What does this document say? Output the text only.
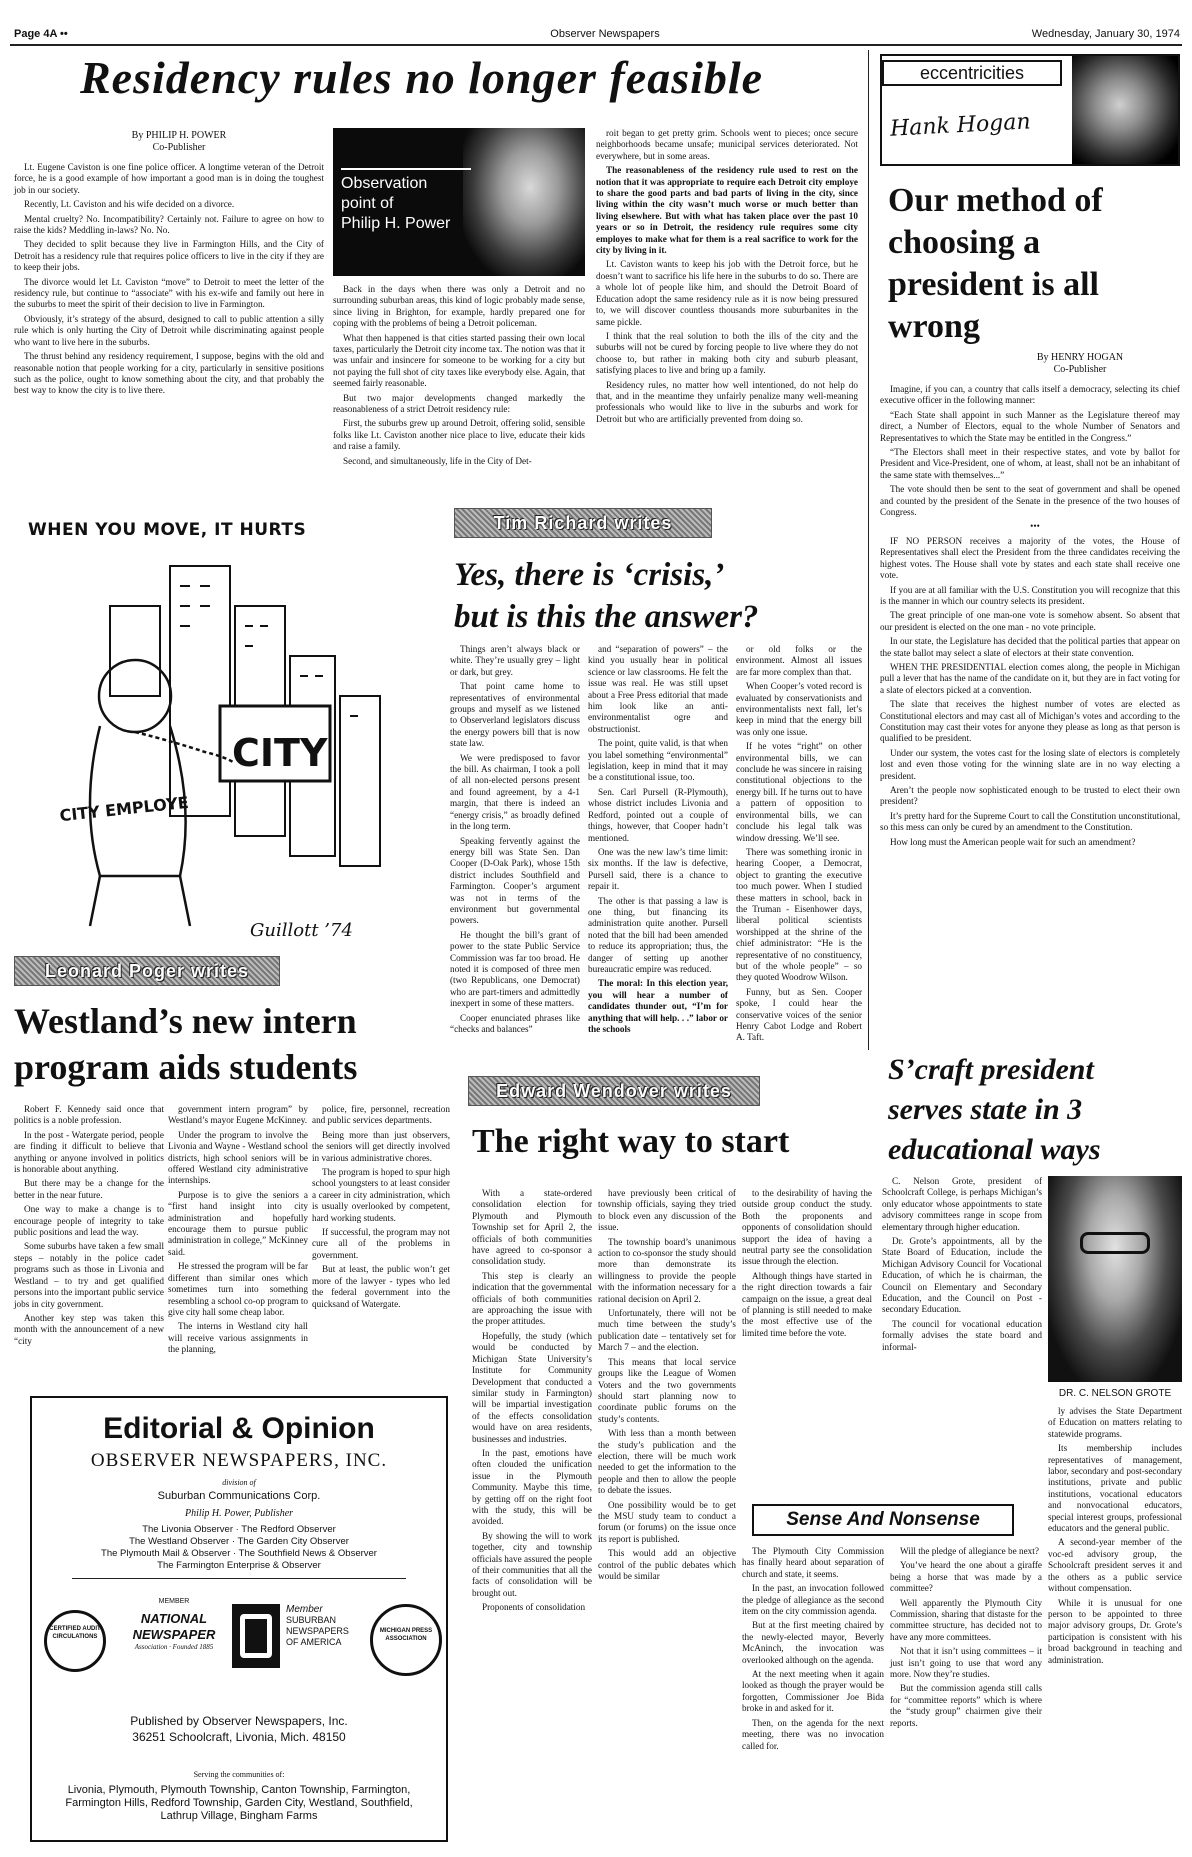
Page 4A ••	Observer Newspapers	Wednesday, January 30, 1974
Residency rules no longer feasible
By PHILIP H. POWER
Co-Publisher

Lt. Eugene Caviston is one fine police officer. A longtime veteran of the Detroit force, he is a good example of how important a good man is in doing the toughest job in our society.

Recently, Lt. Caviston and his wife decided on a divorce.

Mental cruelty? No. Incompatibility? Certainly not. Failure to agree on how to raise the kids? Meddling in-laws? No. No.

They decided to split because they live in Farmington Hills, and the City of Detroit has a residency rule that requires police officers to live in the city if they are to keep their jobs.

The divorce would let Lt. Caviston “move” to Detroit to meet the letter of the residency rule, but continue to “associate” with his ex-wife and family out here in the suburbs to meet the spirit of their decision to live in Farmington.

Obviously, it’s strategy of the absurd, designed to call to public attention a silly rule which is only hurting the City of Detroit while discriminating against people who want to live here in the suburbs.

The thrust behind any residency requirement, I suppose, begins with the old and reasonable notion that people working for a city, particularly in sensitive positions such as the police, ought to know something about the city, and that probably the best way to know the city is to live there.

Observation
point of
Philip H. Power

Back in the days when there was only a Detroit and no surrounding suburban areas, this kind of logic probably made sense, since living in Brighton, for example, hardly prepared one for coping with the problems of being a Detroit policeman.

What then happened is that cities started passing their own local taxes, particularly the Detroit city income tax. The notion was that it was unfair and insincere for someone to be working for a city but not paying the full shot of city taxes like everybody else. Again, that seemed fairly reasonable.

But two major developments changed markedly the reasonableness of a strict Detroit residency rule:

First, the suburbs grew up around Detroit, offering solid, sensible folks like Lt. Caviston another nice place to live, educate their kids and raise a family.

Second, and simultaneously, life in the City of Det-

roit began to get pretty grim. Schools went to pieces; once secure neighborhoods became unsafe; municipal services deteriorated. Not everywhere, but in some areas.

The reasonableness of the residency rule used to rest on the notion that it was appropriate to require each Detroit city employe to share the good parts and bad parts of living in the city, since living within the city wasn’t much worse or much better than living elsewhere. But with what has taken place over the past 10 years or so in Detroit, the residency rule requires some city employes to make what for them is a real sacrifice to work for the city by living in it.

Lt. Caviston wants to keep his job with the Detroit force, but he doesn’t want to sacrifice his life here in the suburbs to do so. There are a whole lot of people like him, and should the Detroit Board of Education adopt the same residency rule as it is now being pressured to, we will discover countless thousands more suburbanites in the same pickle.

I think that the real solution to both the ills of the city and the suburbs will not be cured by forcing people to live where they do not choose to, but rather in making both city and suburb pleasant, satisfying places to live and bring up a family.

Residency rules, no matter how well intentioned, do not help do that, and in the meantime they unfairly penalize many well-meaning professionals who would like to live in the suburbs and work for Detroit but who are artificially prevented from doing so.

eccentricities
Hank Hogan
Our method of choosing a president is all wrong
By HENRY HOGAN
Co-Publisher

Imagine, if you can, a country that calls itself a democracy, selecting its chief executive officer in the following manner:

“Each State shall appoint in such Manner as the Legislature thereof may direct, a Number of Electors, equal to the whole Number of Senators and Representatives to which the State may be entitled in the Congress.”

“The Electors shall meet in their respective states, and vote by ballot for President and Vice-President, one of whom, at least, shall not be an inhabitant of the same state with themselves...”

The vote should then be sent to the seat of government and shall be opened and counted by the president of the Senate in the presence of the two houses of Congress.

•••

IF NO PERSON receives a majority of the votes, the House of Representatives shall elect the President from the three candidates receiving the highest votes. The House shall vote by states and each state shall receive one vote.

If you are at all familiar with the U.S. Constitution you will recognize that this is the manner in which our country selects its president.

The great principle of one man-one vote is somehow absent. So absent that our president is elected on the one man - no vote principle.

In our state, the Legislature has decided that the political parties that appear on the state ballot may select a slate of electors at their state convention.

WHEN THE PRESIDENTIAL election comes along, the people in Michigan pull a lever that has the name of the candidate on it, but they are in fact voting for a slate of electors picked at a convention.

The slate that receives the highest number of votes are elected as Constitutional electors and may cast all of Michigan’s votes and according to the Constitution may cast their votes for anyone they please as long as that person is qualified to be president.

Under our system, the votes cast for the losing slate of electors is completely lost and even those voting for the winning slate are in no way electing a president.

Aren’t the people now sophisticated enough to be trusted to elect their own president?

It’s pretty hard for the Supreme Court to call the Constitution unconstitutional, so this mess can only be cured by an amendment to the Constitution.

How long must the American people wait for such an amendment?

S’craft president
serves state in 3
educational ways

C. Nelson Grote, president of Schoolcraft College, is perhaps Michigan’s only educator whose appointments to state advisory committees range in scope from elementary through higher education.

Dr. Grote’s appointments, all by the State Board of Education, include the Michigan Advisory Council for Vocational Education, of which he is chairman, the Council on Elementary and Secondary Education, and the Council on Post - secondary Education.

The council for vocational education formally advises the state board and informal-

DR. C. NELSON GROTE

ly advises the State Department of Education on matters relating to statewide programs.

Its membership includes representatives of management, labor, secondary and post-secondary institutions, private and public institutions, vocational educators and nonvocational educators, special interest groups, professional educators and the general public.

A second-year member of the voc-ed advisory group, the Schoolcraft president serves it and the others as a public service without compensation.

While it is unusual for one person to be appointed to three major advisory groups, Dr. Grote’s participation is consistent with his broad background in teaching and administration.

WHEN YOU MOVE, IT HURTS
CITY
CITY EMPLOYE
Guillott ’74
Tim Richard writes
Yes, there is ‘crisis,’
but is this the answer?

Things aren’t always black or white. They’re usually grey – light or dark, but grey.

That point came home to representatives of environmental groups and myself as we listened to Observerland legislators discuss the energy powers bill that is now state law.

We were predisposed to favor the bill. As chairman, I took a poll of all non-elected persons present and found agreement, by a 4-1 margin, that there is indeed an “energy crisis,” as broadly defined in the long term.

Speaking fervently against the energy bill was State Sen. Dan Cooper (D-Oak Park), whose 15th district includes Southfield and Farmington. Cooper’s argument was not in terms of the environment but governmental powers.

He thought the bill’s grant of power to the state Public Service Commission was far too broad. He noted it is composed of three men (two Republicans, one Democrat) who are part-timers and admittedly inexpert in some of these matters.

Cooper enunciated phrases like “checks and balances”

and “separation of powers” – the kind you usually hear in political science or law classrooms. He felt the issue was real. He was still upset about a Free Press editorial that made him look like an anti-environmentalist ogre and obstructionist.

The point, quite valid, is that when you label something “environmental” legislation, keep in mind that it may be a constitutional issue, too.

Sen. Carl Pursell (R-Plymouth), whose district includes Livonia and Redford, pointed out a couple of things, however, that Cooper hadn’t mentioned.

One was the new law’s time limit: six months. If the law is defective, Pursell said, there is a chance to repair it.

The other is that passing a law is one thing, but financing its administration quite another. Pursell noted that the bill had been amended to reduce its appropriation; thus, the danger of setting up another bureaucratic empire was reduced.

The moral: In this election year, you will hear a number of candidates thunder out, “I’m for anything that will help. . .” labor or the schools

or old folks or the environment. Almost all issues are far more complex than that.

When Cooper’s voted record is evaluated by conservationists and environmentalists next fall, let’s keep in mind that the energy bill was only one issue.

If he votes “right” on other environmental bills, we can conclude he was sincere in raising constitutional objections to the energy bill. If he turns out to have a pattern of opposition to environmental bills, we can conclude his legal talk was window dressing. We’ll see.

There was something ironic in hearing Cooper, a Democrat, object to granting the executive too much power. When I studied these matters in school, back in the Truman - Eisenhower days, liberal political scientists worshipped at the shrine of the chief administrator: “He is the representative of no constituency, but of the whole people” – so they quoted Woodrow Wilson.

Funny, but as Sen. Cooper spoke, I could hear the conservative voices of the senior Henry Cabot Lodge and Robert A. Taft.

Leonard Poger writes
Westland’s new intern
program aids students

Robert F. Kennedy said once that politics is a noble profession.

In the post - Watergate period, people are finding it difficult to believe that anything or anyone involved in politics is honorable about anything.

But there may be a change for the better in the near future.

One way to make a change is to encourage people of integrity to take public positions and lead the way.

Some suburbs have taken a few small steps – notably in the police cadet programs such as those in Livonia and Westland – to try and get qualified persons into the important public service jobs in city government.

Another key step was taken this month with the announcement of a new “city

government intern program” by Westland’s mayor Eugene McKinney.

Under the program to involve the Livonia and Wayne - Westland school districts, high school seniors will be offered Westland city administrative internships.

Purpose is to give the seniors a “first hand insight into city administration and hopefully encourage them to pursue public administration in college,” McKinney said.

He stressed the program will be far different than similar ones which sometimes turn into something resembling a school co-op program to give city hall some cheap labor.

The interns in Westland city hall will receive various assignments in the planning,

police, fire, personnel, recreation and public services departments.

Being more than just observers, the seniors will get directly involved in various administrative chores.

The program is hoped to spur high school youngsters to at least consider a career in city administration, which is usually overlooked by competent, hard working students.

If successful, the program may not cure all of the problems in government.

But at least, the public won’t get more of the lawyer - types who led the federal government into the quicksand of Watergate.

Edward Wendover writes
The right way to start

With a state-ordered consolidation election for Plymouth and Plymouth Township set for April 2, the officials of both communities have agreed to co-sponsor a consolidation study.

This step is clearly an indication that the governmental officials of both communities are approaching the issue with the proper attitudes.

Hopefully, the study (which would be conducted by Michigan State University’s Institute for Community Development that conducted a similar study in Farmington) will be impartial investigation of the effects consolidation would have on area residents, businesses and industries.

In the past, emotions have often clouded the unification issue in the Plymouth Community. Maybe this time, by getting off on the right foot with the study, this will be avoided.

By showing the will to work together, city and township officials have assured the people of their communities that all the facts of consolidation will be brought out.

Proponents of consolidation

have previously been critical of township officials, saying they tried to block even any discussion of the issue.

The township board’s unanimous action to co-sponsor the study should more than demonstrate its willingness to provide the people with the information necessary for a rational decision on April 2.

Unfortunately, there will not be much time between the study’s publication date – tentatively set for March 7 – and the election.

This means that local service groups like the League of Women Voters and the two governments should start planning now to coordinate public forums on the study’s contents.

With less than a month between the study’s publication and the election, there will be much work needed to get the information to the people and then to allow the people to debate the issues.

One possibility would be to get the MSU study team to conduct a forum (or forums) on the issue once its report is published.

This would add an objective control of the public debates which would be similar

to the desirability of having the outside group conduct the study. Both the proponents and opponents of consolidation should support the idea of having a neutral party see the consolidation issue through the election.

Although things have started in the right direction towards a fair campaign on the issue, a great deal of planning is still needed to make the most effective use of the limited time before the vote.

Sense And Nonsense

The Plymouth City Commission has finally heard about separation of church and state, it seems.

In the past, an invocation followed the pledge of allegiance as the second item on the city commission agenda.

But at the first meeting chaired by the newly-elected mayor, Beverly McAninch, the invocation was overlooked although on the agenda.

At the next meeting when it again looked as though the prayer would be forgotten, Commissioner Joe Bida broke in and asked for it.

Then, on the agenda for the next meeting, there was no invocation called for.

Will the pledge of allegiance be next?

You’ve heard the one about a giraffe being a horse that was made by a committee?

Well apparently the Plymouth City Commission, sharing that distaste for the committee structure, has decided not to have any more committees.

Not that it isn’t using committees – it just isn’t going to use that word any more. Now they’re studies.

But the commission agenda still calls for “committee reports” which is where the “study group” chairmen give their reports.

Editorial & Opinion
OBSERVER NEWSPAPERS, INC.
division of
Suburban Communications Corp.
Philip H. Power, Publisher
The Livonia Observer · The Redford Observer
The Westland Observer · The Garden City Observer
The Plymouth Mail & Observer · The Southfield News & Observer
The Farmington Enterprise & Observer
CERTIFIED AUDIT CIRCULATIONS
MEMBER
NATIONAL NEWSPAPER
Association · Founded 1885
Member
SUBURBAN
NEWSPAPERS
OF AMERICA
MICHIGAN PRESS ASSOCIATION
Published by Observer Newspapers, Inc.
36251 Schoolcraft, Livonia, Mich. 48150
Serving the communities of:
Livonia, Plymouth, Plymouth Township, Canton Township, Farmington, Farmington Hills, Redford Township, Garden City, Westland, Southfield, Lathrup Village, Bingham Farms
